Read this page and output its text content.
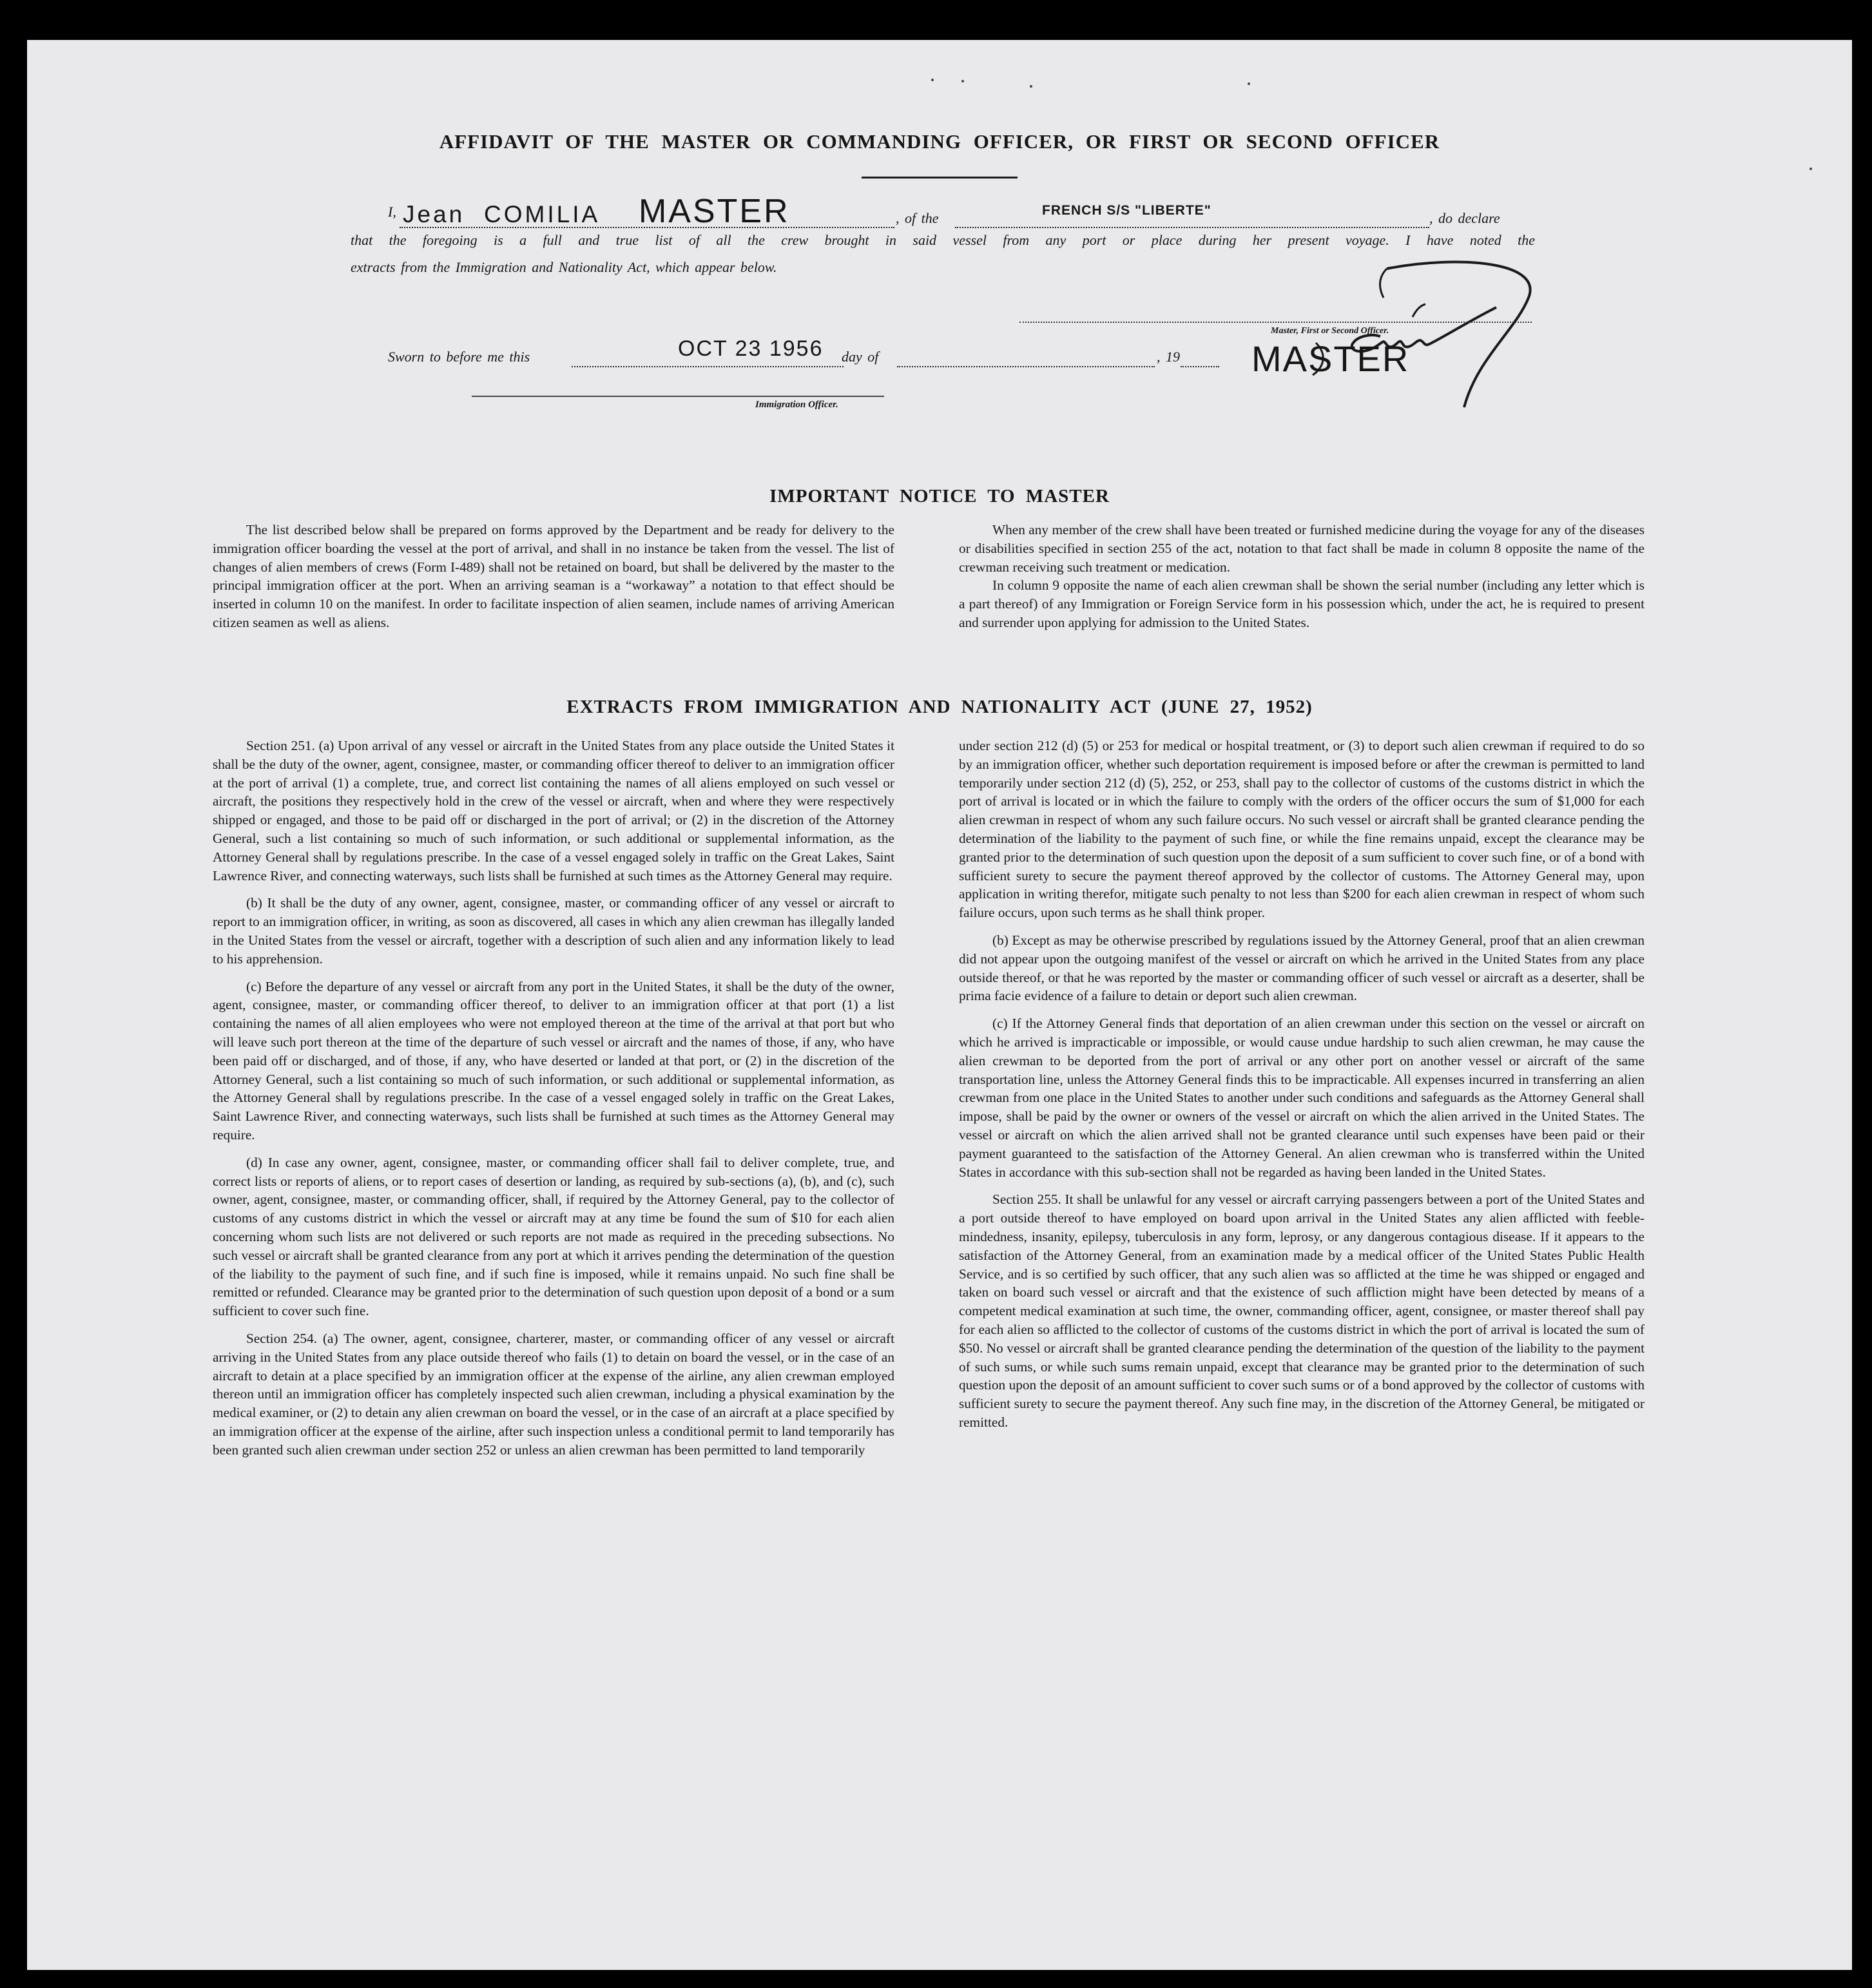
AFFIDAVIT OF THE MASTER OR COMMANDING OFFICER, OR FIRST OR SECOND OFFICER
I, Jean COMILIA MASTER	, of the	FRENCH S/S "LIBERTE"	, do declare
that the foregoing is a full and true list of all the crew brought in said vessel from any port or place during her present voyage. I have noted the
extracts from the Immigration and Nationality Act, which appear below.
Master, First or Second Officer.
MASTER
Sworn to before me this	OCT 23 1956 day of	, 19
Immigration Officer.
IMPORTANT NOTICE TO MASTER

The list described below shall be prepared on forms approved by the Department and be ready for delivery to the immigration officer boarding the vessel at the port of arrival, and shall in no instance be taken from the vessel. The list of changes of alien members of crews (Form I-489) shall not be retained on board, but shall be delivered by the master to the principal immigration officer at the port. When an arriving seaman is a “workaway” a notation to that effect should be inserted in column 10 on the manifest. In order to facilitate inspection of alien seamen, include names of arriving American citizen seamen as well as aliens.

When any member of the crew shall have been treated or furnished medicine during the voyage for any of the diseases or disabilities specified in section 255 of the act, notation to that fact shall be made in column 8 opposite the name of the crewman receiving such treatment or medication.

In column 9 opposite the name of each alien crewman shall be shown the serial number (including any letter which is a part thereof) of any Immigration or Foreign Service form in his possession which, under the act, he is required to present and surrender upon applying for admission to the United States.

EXTRACTS FROM IMMIGRATION AND NATIONALITY ACT (JUNE 27, 1952)

Section 251. (a) Upon arrival of any vessel or aircraft in the United States from any place outside the United States it shall be the duty of the owner, agent, consignee, master, or commanding officer thereof to deliver to an immigration officer at the port of arrival (1) a complete, true, and correct list containing the names of all aliens employed on such vessel or aircraft, the positions they respectively hold in the crew of the vessel or aircraft, when and where they were respectively shipped or engaged, and those to be paid off or discharged in the port of arrival; or (2) in the discretion of the Attorney General, such a list containing so much of such information, or such additional or supplemental information, as the Attorney General shall by regulations prescribe. In the case of a vessel engaged solely in traffic on the Great Lakes, Saint Lawrence River, and connecting waterways, such lists shall be furnished at such times as the Attorney General may require.

(b) It shall be the duty of any owner, agent, consignee, master, or commanding officer of any vessel or aircraft to report to an immigration officer, in writing, as soon as discovered, all cases in which any alien crewman has illegally landed in the United States from the vessel or aircraft, together with a description of such alien and any information likely to lead to his apprehension.

(c) Before the departure of any vessel or aircraft from any port in the United States, it shall be the duty of the owner, agent, consignee, master, or commanding officer thereof, to deliver to an immigration officer at that port (1) a list containing the names of all alien employees who were not employed thereon at the time of the arrival at that port but who will leave such port thereon at the time of the departure of such vessel or aircraft and the names of those, if any, who have been paid off or discharged, and of those, if any, who have deserted or landed at that port, or (2) in the discretion of the Attorney General, such a list containing so much of such information, or such additional or supplemental information, as the Attorney General shall by regulations prescribe. In the case of a vessel engaged solely in traffic on the Great Lakes, Saint Lawrence River, and connecting waterways, such lists shall be furnished at such times as the Attorney General may require.

(d) In case any owner, agent, consignee, master, or commanding officer shall fail to deliver complete, true, and correct lists or reports of aliens, or to report cases of desertion or landing, as required by sub-sections (a), (b), and (c), such owner, agent, consignee, master, or commanding officer, shall, if required by the Attorney General, pay to the collector of customs of any customs district in which the vessel or aircraft may at any time be found the sum of $10 for each alien concerning whom such lists are not delivered or such reports are not made as required in the preceding subsections. No such vessel or aircraft shall be granted clearance from any port at which it arrives pending the determination of the question of the liability to the payment of such fine, and if such fine is imposed, while it remains unpaid. No such fine shall be remitted or refunded. Clearance may be granted prior to the determination of such question upon deposit of a bond or a sum sufficient to cover such fine.

Section 254. (a) The owner, agent, consignee, charterer, master, or commanding officer of any vessel or aircraft arriving in the United States from any place outside thereof who fails (1) to detain on board the vessel, or in the case of an aircraft to detain at a place specified by an immigration officer at the expense of the airline, any alien crewman employed thereon until an immigration officer has completely inspected such alien crewman, including a physical examination by the medical examiner, or (2) to detain any alien crewman on board the vessel, or in the case of an aircraft at a place specified by an immigration officer at the expense of the airline, after such inspection unless a conditional permit to land temporarily has been granted such alien crewman under section 252 or unless an alien crewman has been permitted to land temporarily

under section 212 (d) (5) or 253 for medical or hospital treatment, or (3) to deport such alien crewman if required to do so by an immigration officer, whether such deportation requirement is imposed before or after the crewman is permitted to land temporarily under section 212 (d) (5), 252, or 253, shall pay to the collector of customs of the customs district in which the port of arrival is located or in which the failure to comply with the orders of the officer occurs the sum of $1,000 for each alien crewman in respect of whom any such failure occurs. No such vessel or aircraft shall be granted clearance pending the determination of the liability to the payment of such fine, or while the fine remains unpaid, except the clearance may be granted prior to the determination of such question upon the deposit of a sum sufficient to cover such fine, or of a bond with sufficient surety to secure the payment thereof approved by the collector of customs. The Attorney General may, upon application in writing therefor, mitigate such penalty to not less than $200 for each alien crewman in respect of whom such failure occurs, upon such terms as he shall think proper.

(b) Except as may be otherwise prescribed by regulations issued by the Attorney General, proof that an alien crewman did not appear upon the outgoing manifest of the vessel or aircraft on which he arrived in the United States from any place outside thereof, or that he was reported by the master or commanding officer of such vessel or aircraft as a deserter, shall be prima facie evidence of a failure to detain or deport such alien crewman.

(c) If the Attorney General finds that deportation of an alien crewman under this section on the vessel or aircraft on which he arrived is impracticable or impossible, or would cause undue hardship to such alien crewman, he may cause the alien crewman to be deported from the port of arrival or any other port on another vessel or aircraft of the same transportation line, unless the Attorney General finds this to be impracticable. All expenses incurred in transferring an alien crewman from one place in the United States to another under such conditions and safeguards as the Attorney General shall impose, shall be paid by the owner or owners of the vessel or aircraft on which the alien arrived in the United States. The vessel or aircraft on which the alien arrived shall not be granted clearance until such expenses have been paid or their payment guaranteed to the satisfaction of the Attorney General. An alien crewman who is transferred within the United States in accordance with this sub-section shall not be regarded as having been landed in the United States.

Section 255. It shall be unlawful for any vessel or aircraft carrying passengers between a port of the United States and a port outside thereof to have employed on board upon arrival in the United States any alien afflicted with feeble-mindedness, insanity, epilepsy, tuberculosis in any form, leprosy, or any dangerous contagious disease. If it appears to the satisfaction of the Attorney General, from an examination made by a medical officer of the United States Public Health Service, and is so certified by such officer, that any such alien was so afflicted at the time he was shipped or engaged and taken on board such vessel or aircraft and that the existence of such affliction might have been detected by means of a competent medical examination at such time, the owner, commanding officer, agent, consignee, or master thereof shall pay for each alien so afflicted to the collector of customs of the customs district in which the port of arrival is located the sum of $50. No vessel or aircraft shall be granted clearance pending the determination of the question of the liability to the payment of such sums, or while such sums remain unpaid, except that clearance may be granted prior to the determination of such question upon the deposit of an amount sufficient to cover such sums or of a bond approved by the collector of customs with sufficient surety to secure the payment thereof. Any such fine may, in the discretion of the Attorney General, be mitigated or remitted.
